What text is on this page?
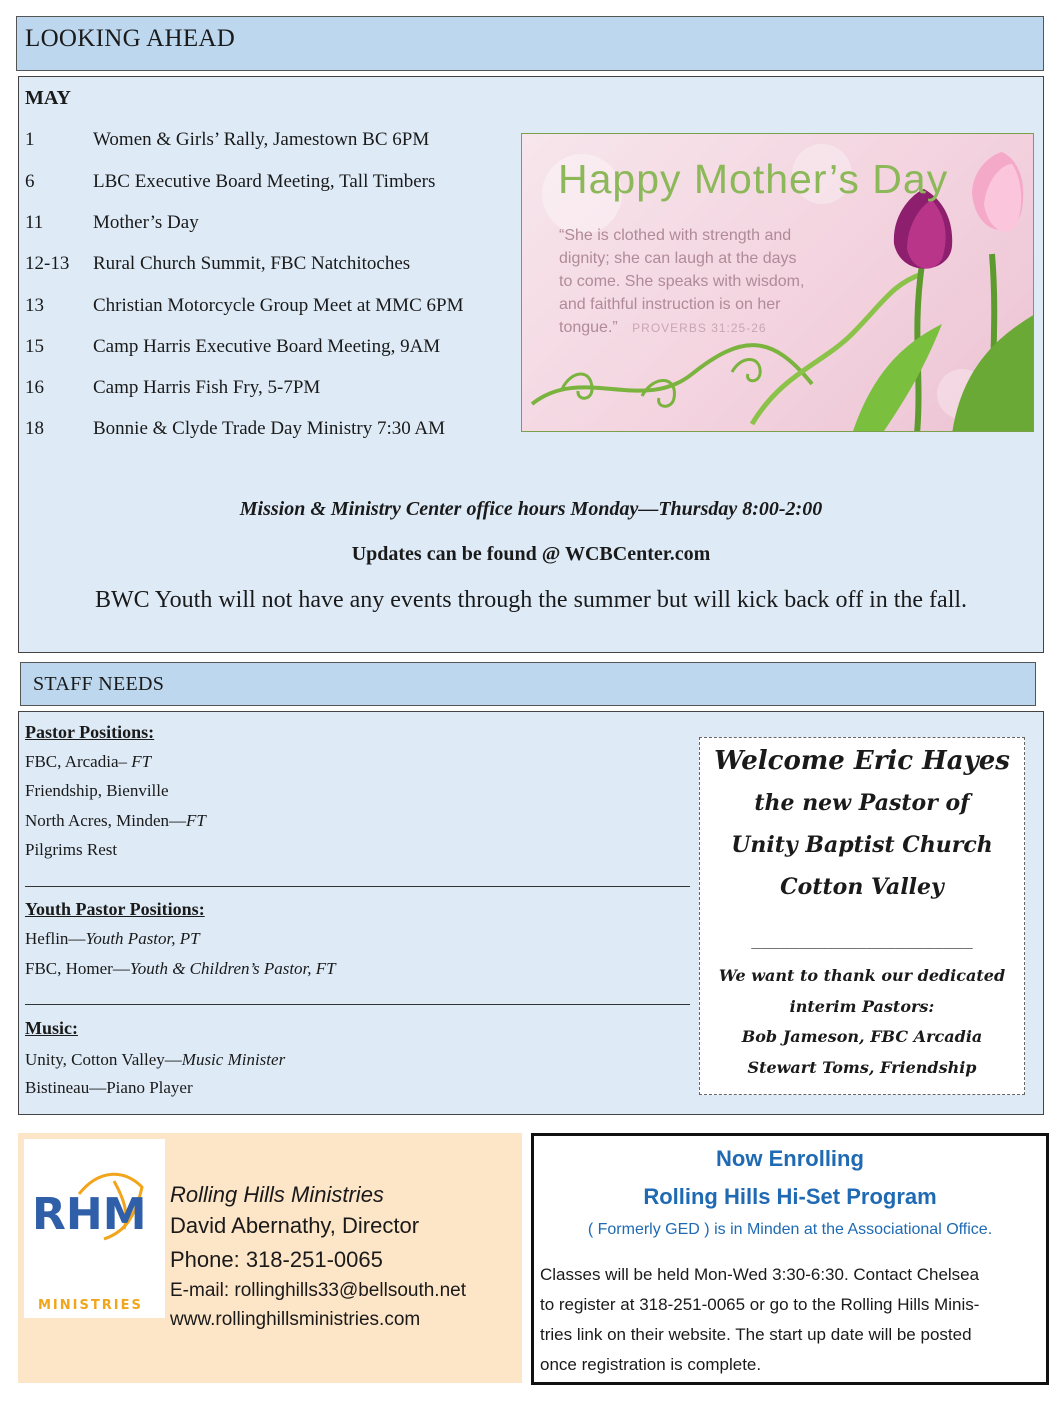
LOOKING AHEAD
MAY
1	Women & Girls’ Rally, Jamestown BC 6PM
6	LBC Executive Board Meeting, Tall Timbers
11	Mother’s Day
12-13 Rural Church Summit, FBC Natchitoches
13	Christian Motorcycle Group Meet at MMC 6PM
15	Camp Harris Executive Board Meeting, 9AM
16	Camp Harris Fish Fry, 5-7PM
18	Bonnie & Clyde Trade Day Ministry 7:30 AM
Mission & Ministry Center office hours Monday—Thursday 8:00-2:00
Updates can be found @ WCBCenter.com
BWC Youth will not have any events through the summer but will kick back off in the fall.
Happy Mother’s Day
“She is clothed with strength and
dignity; she can laugh at the days
to come. She speaks with wisdom,
and faithful instruction is on her
tongue.” PROVERBS 31:25-26
STAFF NEEDS
Pastor Positions:
FBC, Arcadia– FT
Friendship, Bienville
North Acres, Minden—FT
Pilgrims Rest
Youth Pastor Positions:
Heflin—Youth Pastor, PT
FBC, Homer—Youth & Children’s Pastor, FT
Music:
Unity, Cotton Valley—Music Minister
Bistineau—Piano Player
Welcome Eric Hayes
the new Pastor of
Unity Baptist Church
Cotton Valley
_______________________
We want to thank our dedicated
interim Pastors:
Bob Jameson, FBC Arcadia
Stewart Toms, Friendship
RHM
MINISTRIES
Rolling Hills Ministries
David Abernathy, Director
Phone: 318-251-0065
E-mail: rollinghills33@bellsouth.net
www.rollinghillsministries.com
Now Enrolling
Rolling Hills Hi-Set Program
( Formerly GED ) is in Minden at the Associational Office.
Classes will be held Mon-Wed 3:30-6:30. Contact Chelsea
to register at 318-251-0065 or go to the Rolling Hills Minis-
tries link on their website. The start up date will be posted
once registration is complete.
